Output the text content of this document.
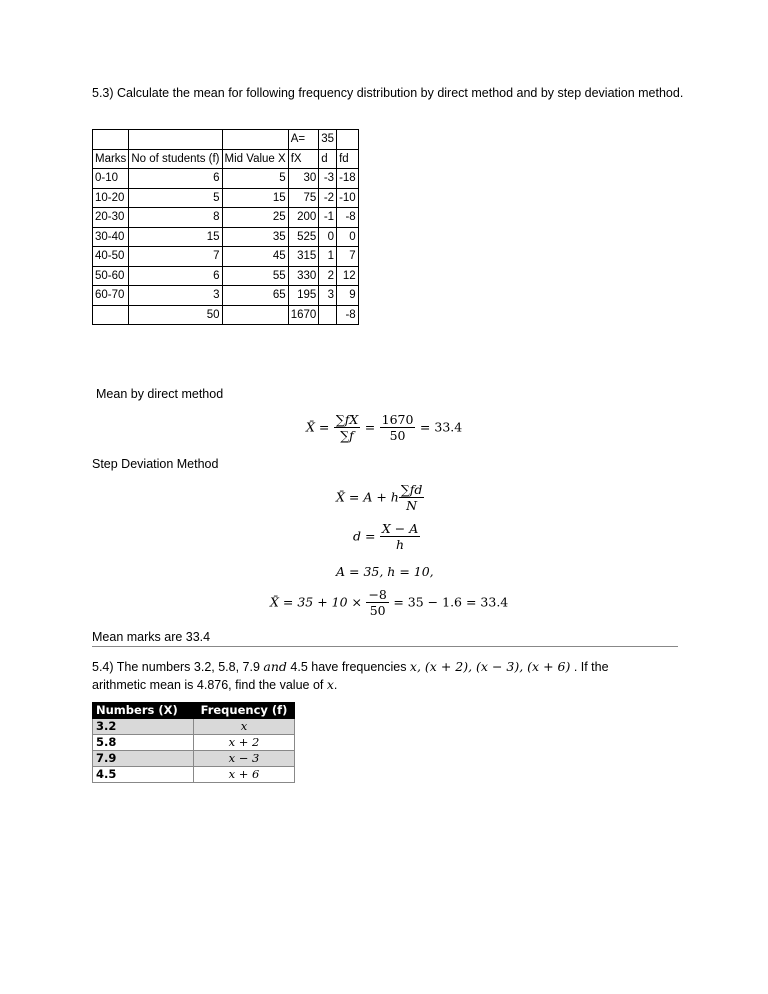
5.3) Calculate the mean for following frequency distribution by direct method and by step deviation method.
			A=	35	
Marks	No of students (f)	Mid Value X	fX	d	fd
0-10	6	5	30	-3	-18
10-20	5	15	75	-2	-10
20-30	8	25	200	-1	-8
30-40	15	35	525	0	0
40-50	7	45	315	1	7
50-60	6	55	330	2	12
60-70	3	65	195	3	9
	50		1670		-8
Mean by direct method
X̄ = $\frac{\sum fX}{\sum f} = \frac{1670}{50} = 33.4$
Step Deviation Method
X̄ = A + h $\frac{\sum fd}{N}$
$d = \frac{X - A}{h}$
A = 35, h = 10,
X̄ = $35 + 10 \times \frac{-8}{50} = 35 - 1.6 = 33.4$
Mean marks are 33.4
5.4) The numbers 3.2, 5.8, 7.9 and 4.5 have frequencies x, (x + 2), (x − 3), (x + 6) . If the
arithmetic mean is 4.876, find the value of x.
Numbers (X)	Frequency (f)
3.2	x
5.8	x + 2
7.9	x − 3
4.5	x + 6
